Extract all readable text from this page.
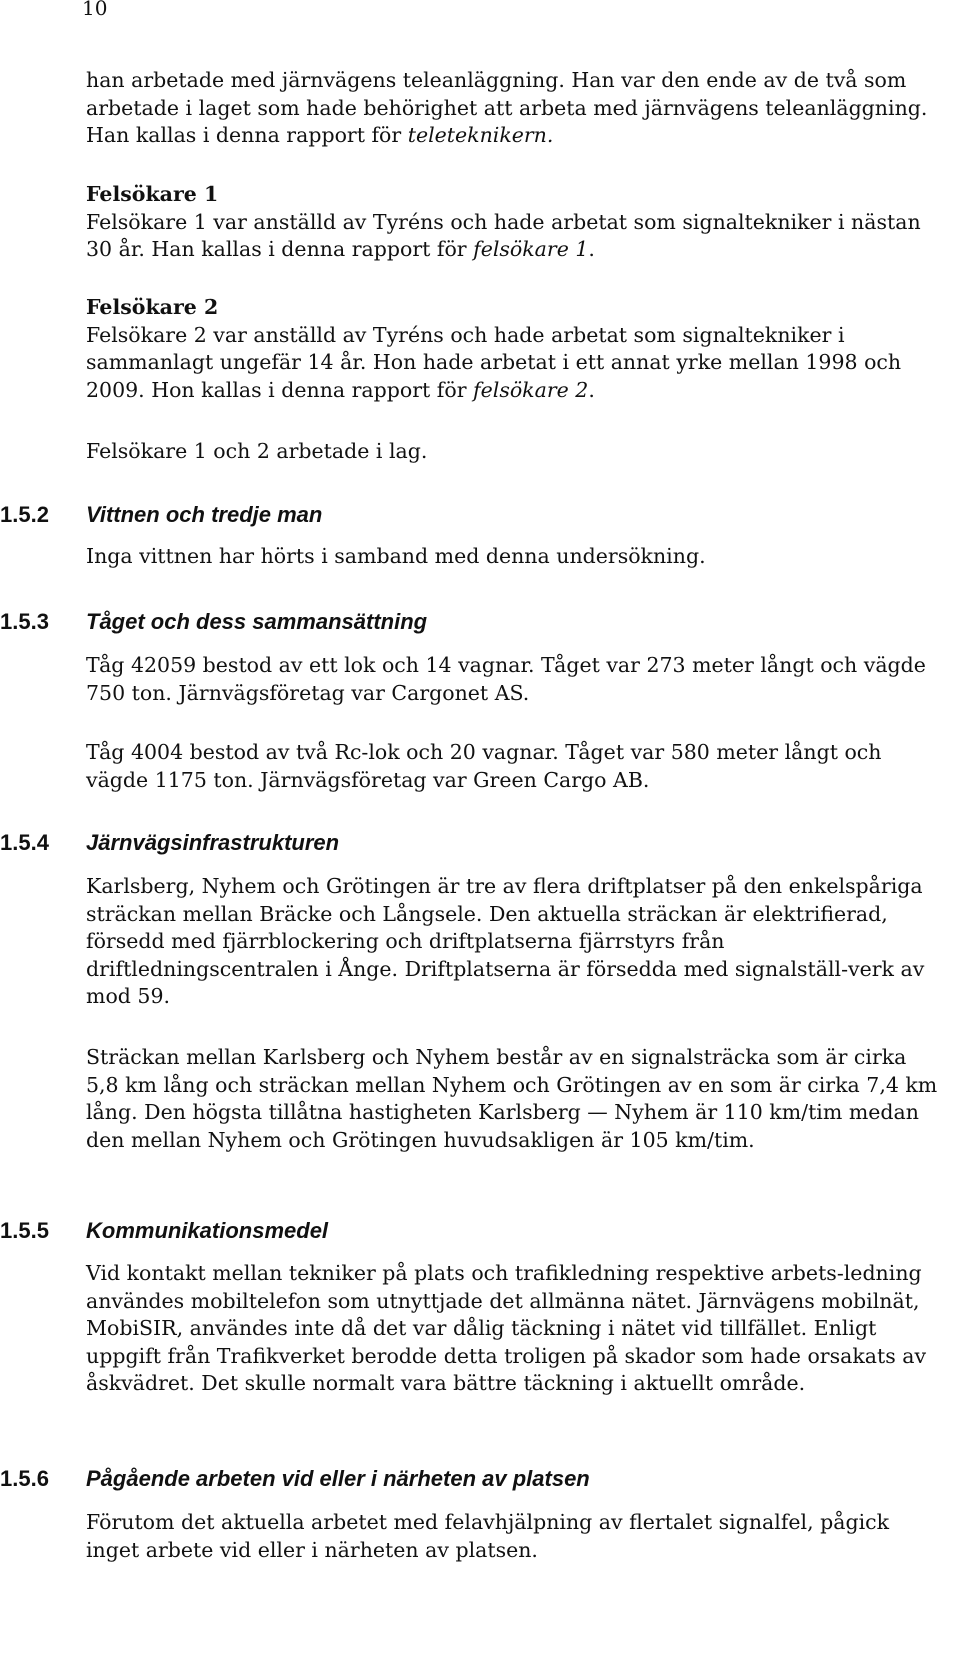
10

han arbetade med järnvägens teleanläggning. Han var den ende av de två som arbetade i laget som hade behörighet att arbeta med järnvägens teleanläggning. Han kallas i denna rapport för teleteknikern.

Felsökare 1

Felsökare 1 var anställd av Tyréns och hade arbetat som signaltekniker i nästan 30 år. Han kallas i denna rapport för felsökare 1.

Felsökare 2

Felsökare 2 var anställd av Tyréns och hade arbetat som signaltekniker i sammanlagt ungefär 14 år. Hon hade arbetat i ett annat yrke mellan 1998 och 2009. Hon kallas i denna rapport för felsökare 2.

Felsökare 1 och 2 arbetade i lag.

1.5.2 Vittnen och tredje man

Inga vittnen har hörts i samband med denna undersökning.

1.5.3 Tåget och dess sammansättning

Tåg 42059 bestod av ett lok och 14 vagnar. Tåget var 273 meter långt och vägde 750 ton. Järnvägsföretag var Cargonet AS.

Tåg 4004 bestod av två Rc-lok och 20 vagnar. Tåget var 580 meter långt och vägde 1175 ton. Järnvägsföretag var Green Cargo AB.

1.5.4 Järnvägsinfrastrukturen

Karlsberg, Nyhem och Grötingen är tre av flera driftplatser på den enkelspåriga sträckan mellan Bräcke och Långsele. Den aktuella sträckan är elektrifierad, försedd med fjärrblockering och driftplatserna fjärrstyrs från driftledningscentralen i Ånge. Driftplatserna är försedda med signalställ-verk av mod 59.

Sträckan mellan Karlsberg och Nyhem består av en signalsträcka som är cirka 5,8 km lång och sträckan mellan Nyhem och Grötingen av en som är cirka 7,4 km lång. Den högsta tillåtna hastigheten Karlsberg — Nyhem är 110 km/tim medan den mellan Nyhem och Grötingen huvudsakligen är 105 km/tim.

1.5.5 Kommunikationsmedel

Vid kontakt mellan tekniker på plats och trafikledning respektive arbets-ledning användes mobiltelefon som utnyttjade det allmänna nätet. Järnvägens mobilnät, MobiSIR, användes inte då det var dålig täckning i nätet vid tillfället. Enligt uppgift från Trafikverket berodde detta troligen på skador som hade orsakats av åskvädret. Det skulle normalt vara bättre täckning i aktuellt område.

1.5.6 Pågående arbeten vid eller i närheten av platsen

Förutom det aktuella arbetet med felavhjälpning av flertalet signalfel, pågick inget arbete vid eller i närheten av platsen.
